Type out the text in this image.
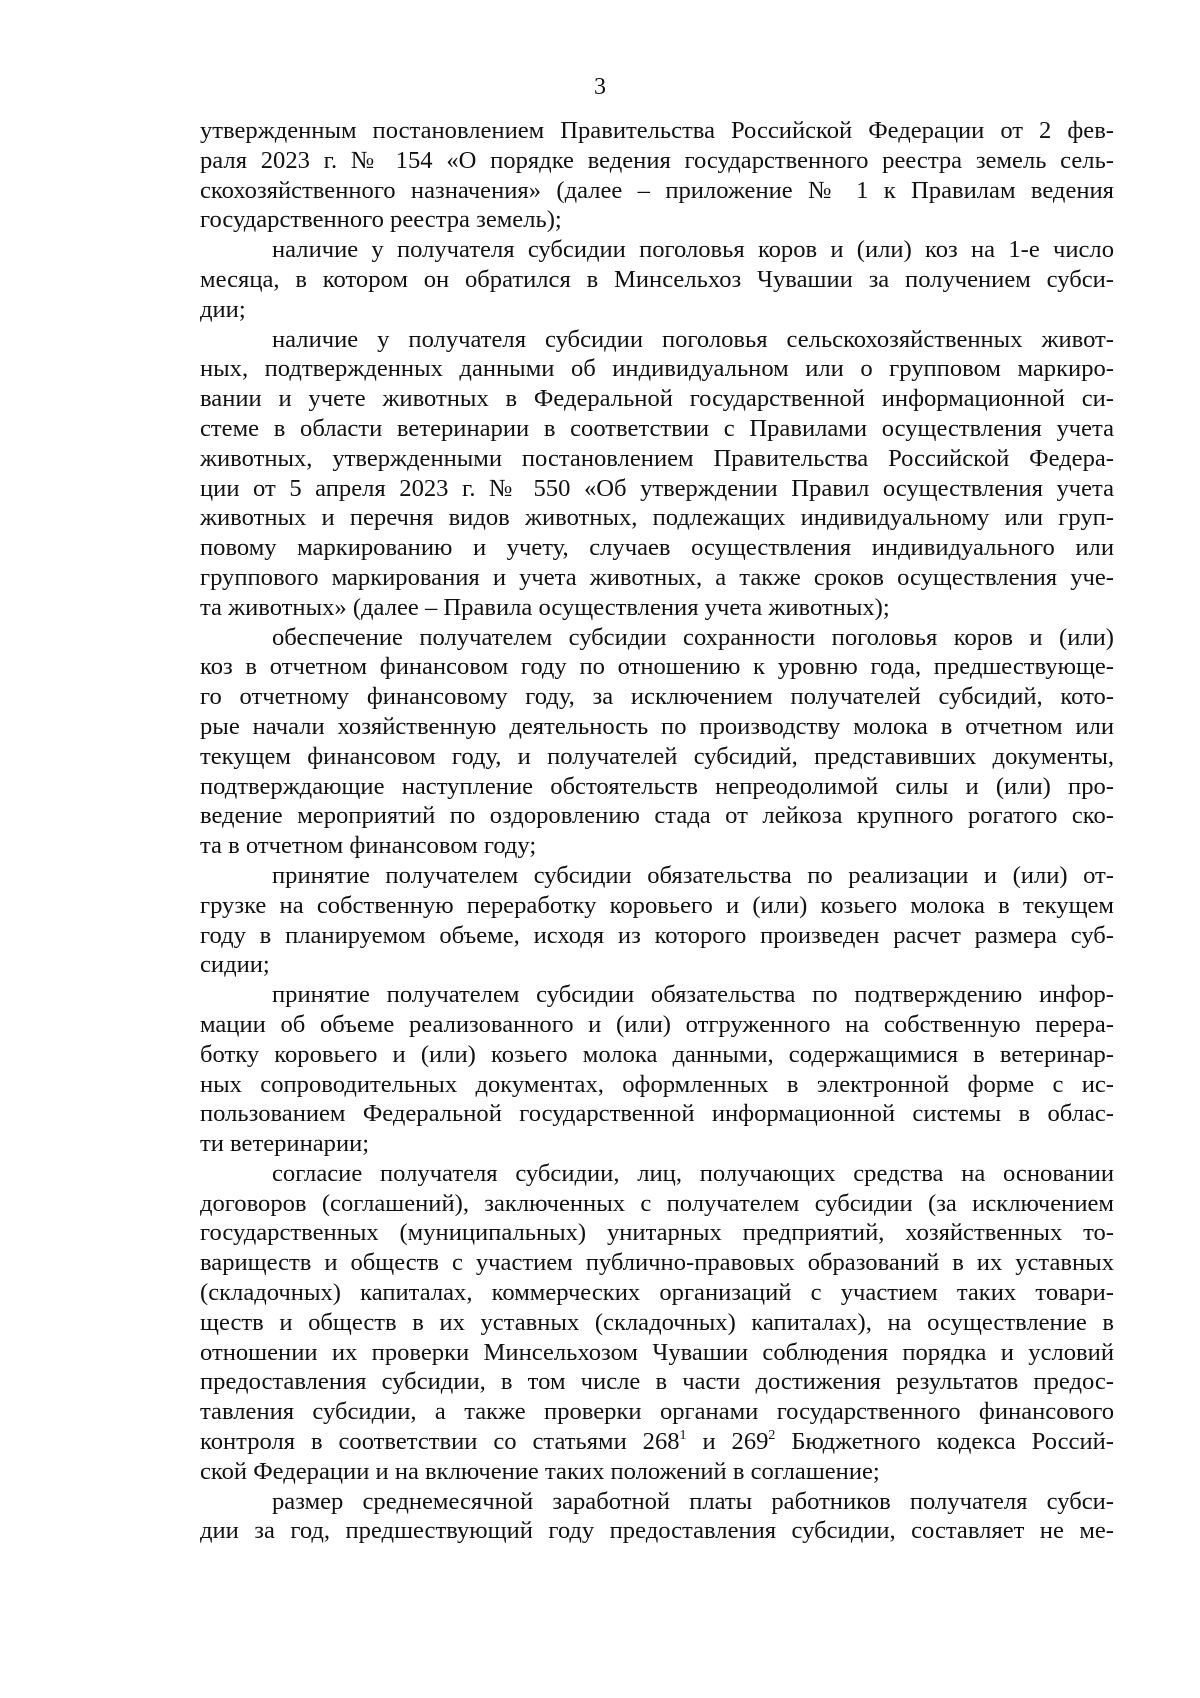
3
утвержденным постановлением Правительства Российской Федерации от 2 фев-
раля 2023 г. № 154 «О порядке ведения государственного реестра земель сель-
скохозяйственного назначения» (далее – приложение № 1 к Правилам ведения
государственного реестра земель);
наличие у получателя субсидии поголовья коров и (или) коз на 1-е число
месяца, в котором он обратился в Минсельхоз Чувашии за получением субси-
дии;
наличие у получателя субсидии поголовья сельскохозяйственных живот-
ных, подтвержденных данными об индивидуальном или о групповом маркиро-
вании и учете животных в Федеральной государственной информационной си-
стеме в области ветеринарии в соответствии с Правилами осуществления учета
животных, утвержденными постановлением Правительства Российской Федера-
ции от 5 апреля 2023 г. № 550 «Об утверждении Правил осуществления учета
животных и перечня видов животных, подлежащих индивидуальному или груп-
повому маркированию и учету, случаев осуществления индивидуального или
группового маркирования и учета животных, а также сроков осуществления уче-
та животных» (далее – Правила осуществления учета животных);
обеспечение получателем субсидии сохранности поголовья коров и (или)
коз в отчетном финансовом году по отношению к уровню года, предшествующе-
го отчетному финансовому году, за исключением получателей субсидий, кото-
рые начали хозяйственную деятельность по производству молока в отчетном или
текущем финансовом году, и получателей субсидий, представивших документы,
подтверждающие наступление обстоятельств непреодолимой силы и (или) про-
ведение мероприятий по оздоровлению стада от лейкоза крупного рогатого ско-
та в отчетном финансовом году;
принятие получателем субсидии обязательства по реализации и (или) от-
грузке на собственную переработку коровьего и (или) козьего молока в текущем
году в планируемом объеме, исходя из которого произведен расчет размера суб-
сидии;
принятие получателем субсидии обязательства по подтверждению инфор-
мации об объеме реализованного и (или) отгруженного на собственную перера-
ботку коровьего и (или) козьего молока данными, содержащимися в ветеринар-
ных сопроводительных документах, оформленных в электронной форме с ис-
пользованием Федеральной государственной информационной системы в облас-
ти ветеринарии;
согласие получателя субсидии, лиц, получающих средства на основании
договоров (соглашений), заключенных с получателем субсидии (за исключением
государственных (муниципальных) унитарных предприятий, хозяйственных то-
вариществ и обществ с участием публично-правовых образований в их уставных
(складочных) капиталах, коммерческих организаций с участием таких товари-
ществ и обществ в их уставных (складочных) капиталах), на осуществление в
отношении их проверки Минсельхозом Чувашии соблюдения порядка и условий
предоставления субсидии, в том числе в части достижения результатов предос-
тавления субсидии, а также проверки органами государственного финансового
контроля в соответствии со статьями $268^1$ и $269^2$ Бюджетного кодекса Россий-
ской Федерации и на включение таких положений в соглашение;
размер среднемесячной заработной платы работников получателя субси-
дии за год, предшествующий году предоставления субсидии, составляет не ме-
